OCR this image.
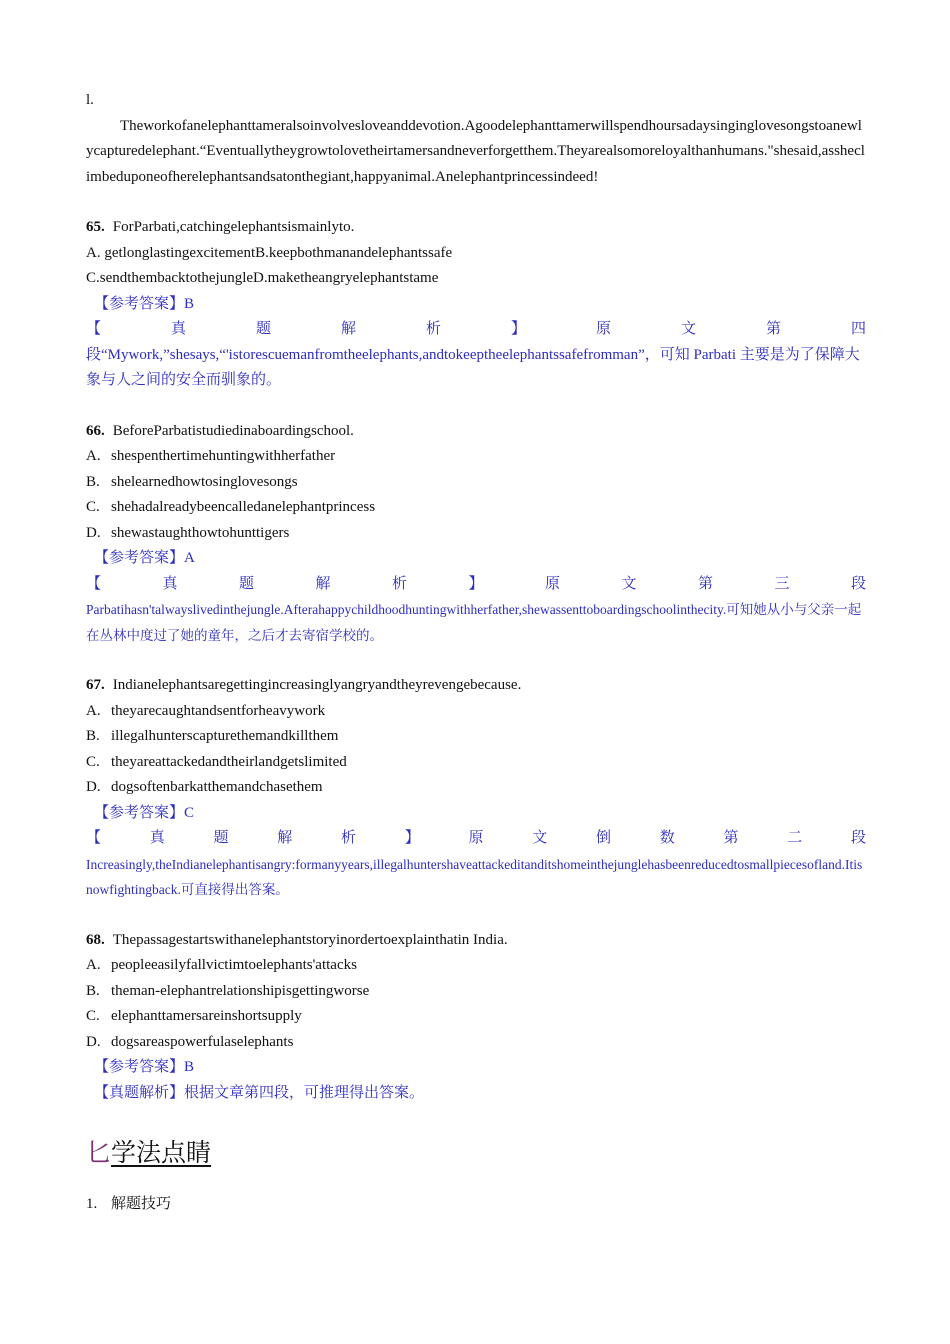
l.
Theworkofanelephanttameralsoinvolvesloveanddevotion.Agoodelephanttamerwillspendhoursadaysinginglovesongstoanewlycapturedelephant.“Eventuallytheygrowtolovetheirtamersandneverforgetthem.Theyarealsomoreloyalthanhumans."shesaid,assheclimbeduponeofherelephantsandsatonthegiant,happyanimal.Anelephantprincessindeed!
65. ForParbati,catchingelephantsismainlyto.
A. getlonglastingexcitementB.keepbothmanandelephantssafe
C.sendthembacktothejungleD.maketheangryelephantstame
【参考答案】B
【 真 题 解 析 】 原 文 第 四
段“Mywork,”shesays,“'istorescuemanfromtheelephants,andtokeeptheelephantssafefromman”，可知 Parbati 主要是为了保障大象与人之间的安全而驯象的。
66. BeforeParbatistudiedinaboardingschool.
A. shespenthertimehuntingwithherfather
B. shelearnedhowtosinglovesongs
C. shehadalreadybeencalledanelephantprincess
D. shewastaughthowtohunttigers
【参考答案】A
【 真 题 解 析 】 原 文 第 三 段
Parbatihasn'talwayslivedinthejungle.Afterahappychildhoodhuntingwithherfather,shewassenttoboardingschoolinthecity.可知她从小与父亲一起在丛林中度过了她的童年，之后才去寄宿学校的。
67. Indianelephantsaregettingincreasinglyangryandtheyrevengebecause.
A. theyarecaughtandsentforheavywork
B. illegalhunterscapturethemandkillthem
C. theyareattackedandtheirlandgetslimited
D. dogsoftenbarkatthemandchasethem
【参考答案】C
【 真 题 解 析 】 原 文 倒 数 第 二 段
Increasingly,theIndianelephantisangry:formanyyears,illegalhuntershaveattackeditanditshomeinthejunglehasbeenreducedtosmallpiecesofland.Itisnowfightingback.可直接得出答案。
68. Thepassagestartswithanelephantstoryinordertoexplainthatin India.
A. peopleeasilyfallvictimtoelephants'attacks
B. theman-elephantrelationshipisgettingworse
C. elephanttamersareinshortsupply
D. dogsareaspowerfulaselephants
【参考答案】B
【真题解析】根据文章第四段，可推理得出答案。
匕学法点睛
1. 解题技巧
